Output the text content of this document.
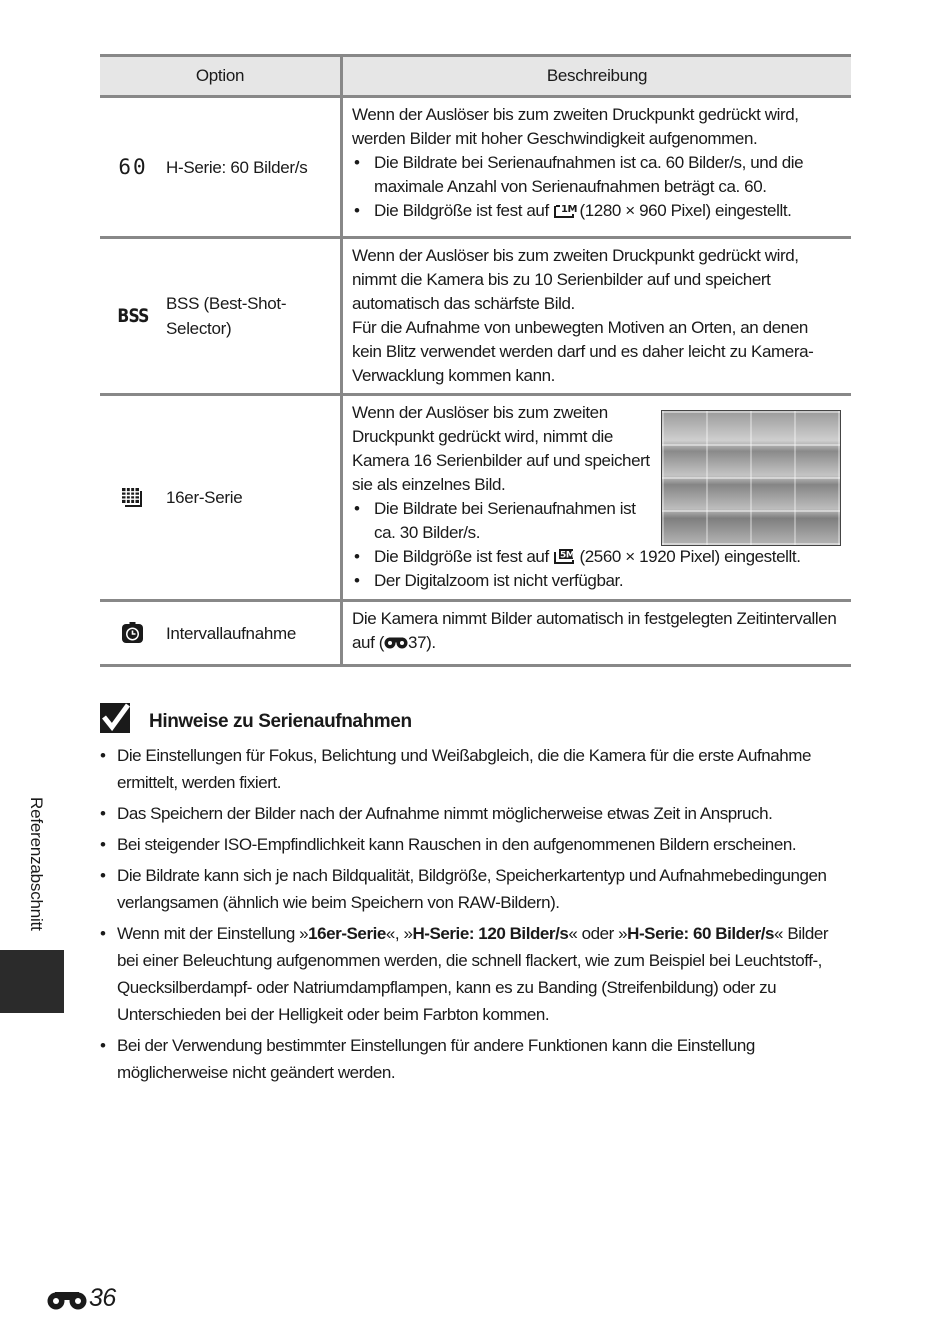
Option	Beschreibung
60 H-Serie: 60 Bilder/s

Wenn der Auslöser bis zum zweiten Druckpunkt gedrückt wird, werden Bilder mit hoher Geschwindigkeit aufgenommen.

• Die Bildrate bei Serienaufnahmen ist ca. 60 Bilder/s, und die maximale Anzahl von Serienaufnahmen beträgt ca. 60.
• Die Bildgröße ist fest auf 1M (1280 × 960 Pixel) eingestellt.
BSS
BSS (Best-Shot-Selector)

Wenn der Auslöser bis zum zweiten Druckpunkt gedrückt wird, nimmt die Kamera bis zu 10 Serienbilder auf und speichert automatisch das schärfste Bild.

Für die Aufnahme von unbewegten Motiven an Orten, an denen kein Blitz verwendet werden darf und es daher leicht zu Kamera-Verwacklung kommen kann.

16er-Serie

Wenn der Auslöser bis zum zweiten Druckpunkt gedrückt wird, nimmt die Kamera 16 Serienbilder auf und speichert sie als einzelnes Bild.

• Die Bildrate bei Serienaufnahmen ist ca. 30 Bilder/s.
• Die Bildgröße ist fest auf 5M (2560 × 1920 Pixel) eingestellt.
• Der Digitalzoom ist nicht verfügbar.
Intervallaufnahme

Die Kamera nimmt Bilder automatisch in festgelegten Zeitintervallen auf ( 37).

Hinweise zu Serienaufnahmen
• Die Einstellungen für Fokus, Belichtung und Weißabgleich, die die Kamera für die erste Aufnahme ermittelt, werden fixiert.
• Das Speichern der Bilder nach der Aufnahme nimmt möglicherweise etwas Zeit in Anspruch.
• Bei steigender ISO-Empfindlichkeit kann Rauschen in den aufgenommenen Bildern erscheinen.
• Die Bildrate kann sich je nach Bildqualität, Bildgröße, Speicherkartentyp und Aufnahmebedingungen verlangsamen (ähnlich wie beim Speichern von RAW-Bildern).
• Wenn mit der Einstellung »16er-Serie«, »H-Serie: 120 Bilder/s« oder »H-Serie: 60 Bilder/s« Bilder bei einer Beleuchtung aufgenommen werden, die schnell flackert, wie zum Beispiel bei Leuchtstoff-, Quecksilberdampf- oder Natriumdampflampen, kann es zu Banding (Streifenbildung) oder zu Unterschieden bei der Helligkeit oder beim Farbton kommen.
• Bei der Verwendung bestimmter Einstellungen für andere Funktionen kann die Einstellung möglicherweise nicht geändert werden.
Referenzabschnitt
36
